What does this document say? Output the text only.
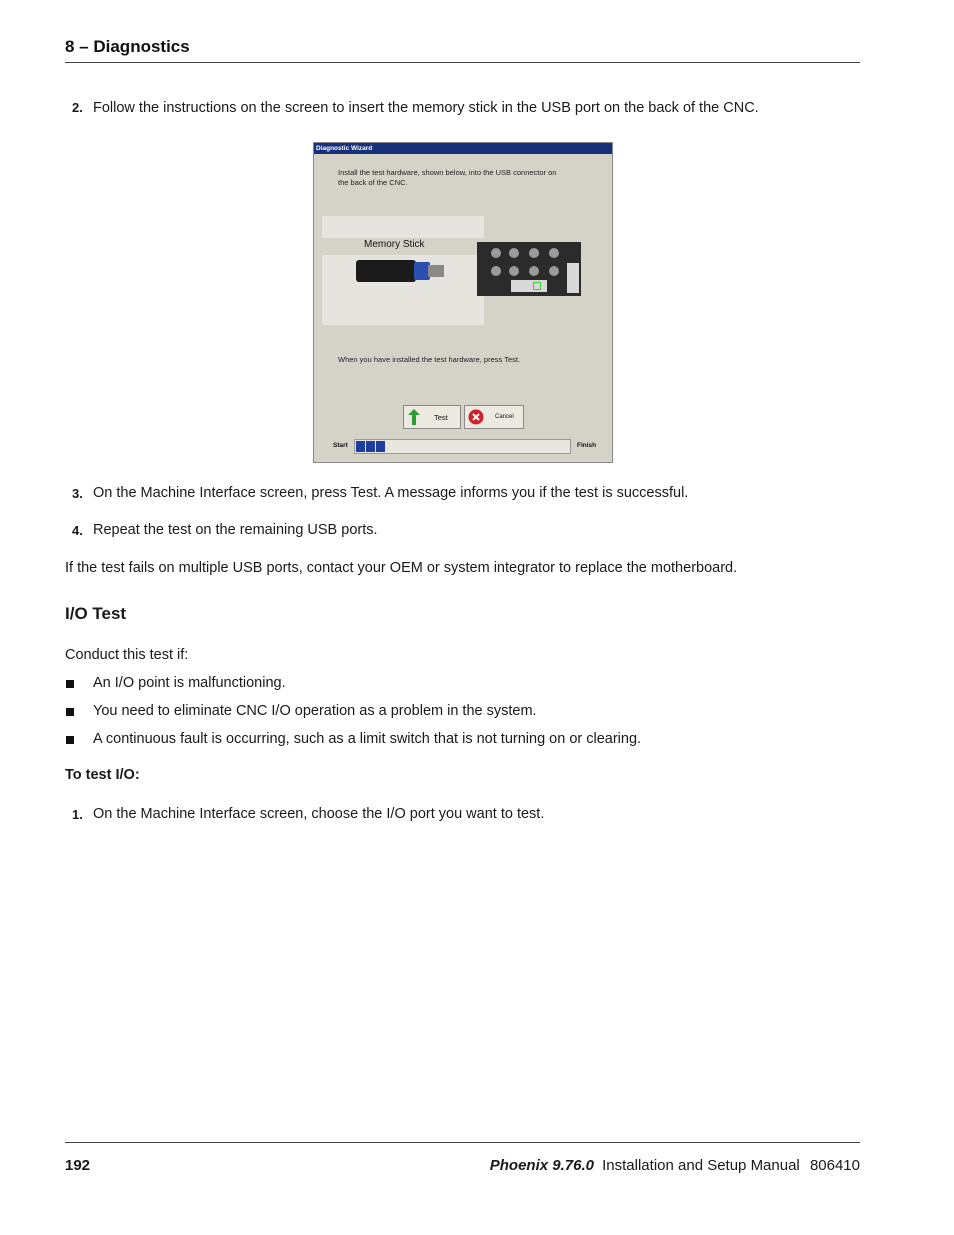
8 – Diagnostics
2. Follow the instructions on the screen to insert the memory stick in the USB port on the back of the CNC.
Diagnostic Wizard
Install the test hardware, shown below, into the USB connector on
the back of the CNC.
Memory Stick
When you have installed the test hardware, press Test.
Test	Cancel
Start	Finish
3. On the Machine Interface screen, press Test. A message informs you if the test is successful.
4. Repeat the test on the remaining USB ports.
If the test fails on multiple USB ports, contact your OEM or system integrator to replace the motherboard.
I/O Test
Conduct this test if:
An I/O point is malfunctioning.
You need to eliminate CNC I/O operation as a problem in the system.
A continuous fault is occurring, such as a limit switch that is not turning on or clearing.
To test I/O:
1. On the Machine Interface screen, choose the I/O port you want to test.
192	Phoenix 9.76.0 Installation and Setup Manual 806410
